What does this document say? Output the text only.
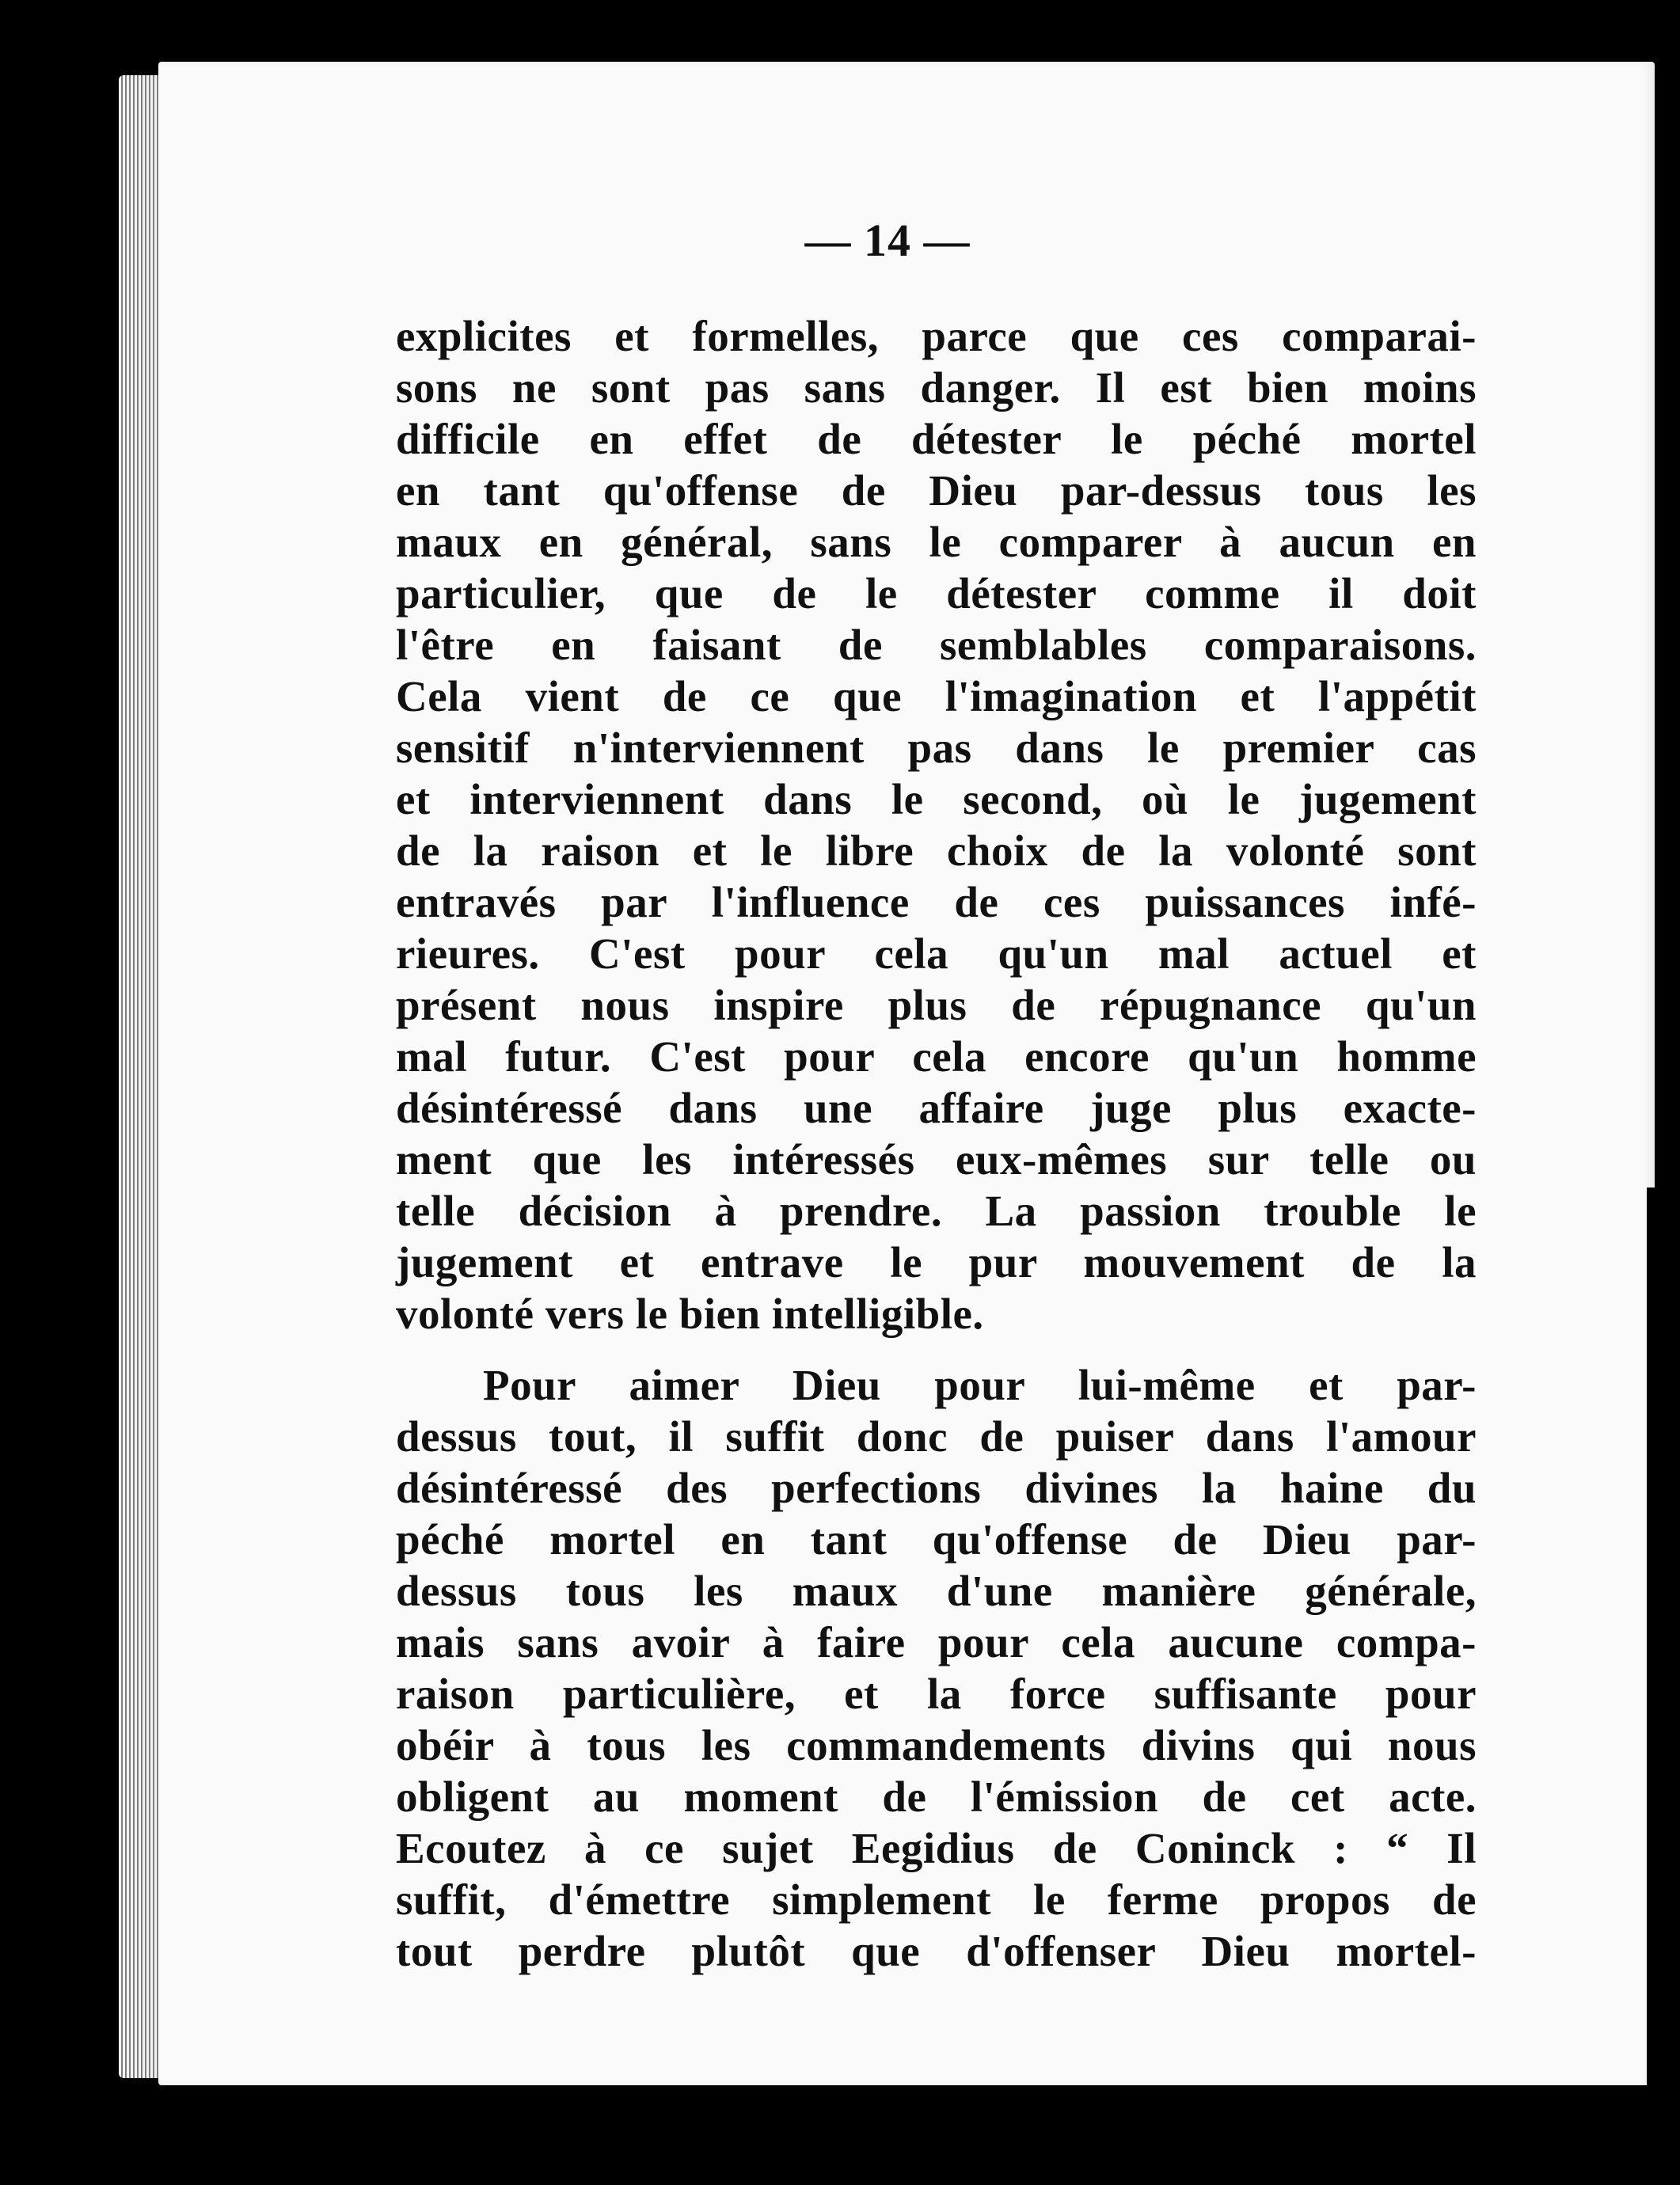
— 14 —
explicites et formelles, parce que ces comparai-
sons ne sont pas sans danger. Il est bien moins
difficile en effet de détester le péché mortel
en tant qu'offense de Dieu par-dessus tous les
maux en général, sans le comparer à aucun en
particulier, que de le détester comme il doit
l'être en faisant de semblables comparaisons.
Cela vient de ce que l'imagination et l'appétit
sensitif n'interviennent pas dans le premier cas
et interviennent dans le second, où le jugement
de la raison et le libre choix de la volonté sont
entravés par l'influence de ces puissances infé-
rieures. C'est pour cela qu'un mal actuel et
présent nous inspire plus de répugnance qu'un
mal futur. C'est pour cela encore qu'un homme
désintéressé dans une affaire juge plus exacte-
ment que les intéressés eux-mêmes sur telle ou
telle décision à prendre. La passion trouble le
jugement et entrave le pur mouvement de la
volonté vers le bien intelligible.
Pour aimer Dieu pour lui-même et par-
dessus tout, il suffit donc de puiser dans l'amour
désintéressé des perfections divines la haine du
péché mortel en tant qu'offense de Dieu par-
dessus tous les maux d'une manière générale,
mais sans avoir à faire pour cela aucune compa-
raison particulière, et la force suffisante pour
obéir à tous les commandements divins qui nous
obligent au moment de l'émission de cet acte.
Ecoutez à ce sujet Eegidius de Coninck : “ Il
suffit, d'émettre simplement le ferme propos de
tout perdre plutôt que d'offenser Dieu mortel-
